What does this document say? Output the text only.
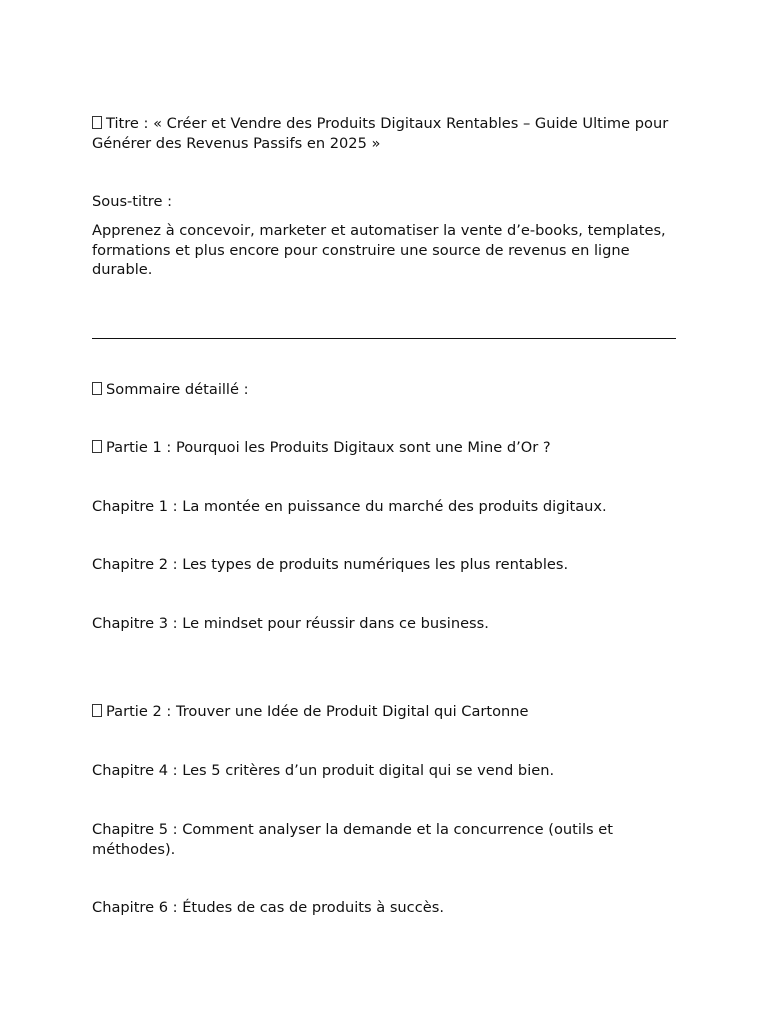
Titre : « Créer et Vendre des Produits Digitaux Rentables – Guide Ultime pour Générer des Revenus Passifs en 2025 »
Sous-titre :
Apprenez à concevoir, marketer et automatiser la vente d’e-books, templates, formations et plus encore pour construire une source de revenus en ligne durable.
Sommaire détaillé :
Partie 1 : Pourquoi les Produits Digitaux sont une Mine d’Or ?
Chapitre 1 : La montée en puissance du marché des produits digitaux.
Chapitre 2 : Les types de produits numériques les plus rentables.
Chapitre 3 : Le mindset pour réussir dans ce business.
Partie 2 : Trouver une Idée de Produit Digital qui Cartonne
Chapitre 4 : Les 5 critères d’un produit digital qui se vend bien.
Chapitre 5 : Comment analyser la demande et la concurrence (outils et méthodes).
Chapitre 6 : Études de cas de produits à succès.
